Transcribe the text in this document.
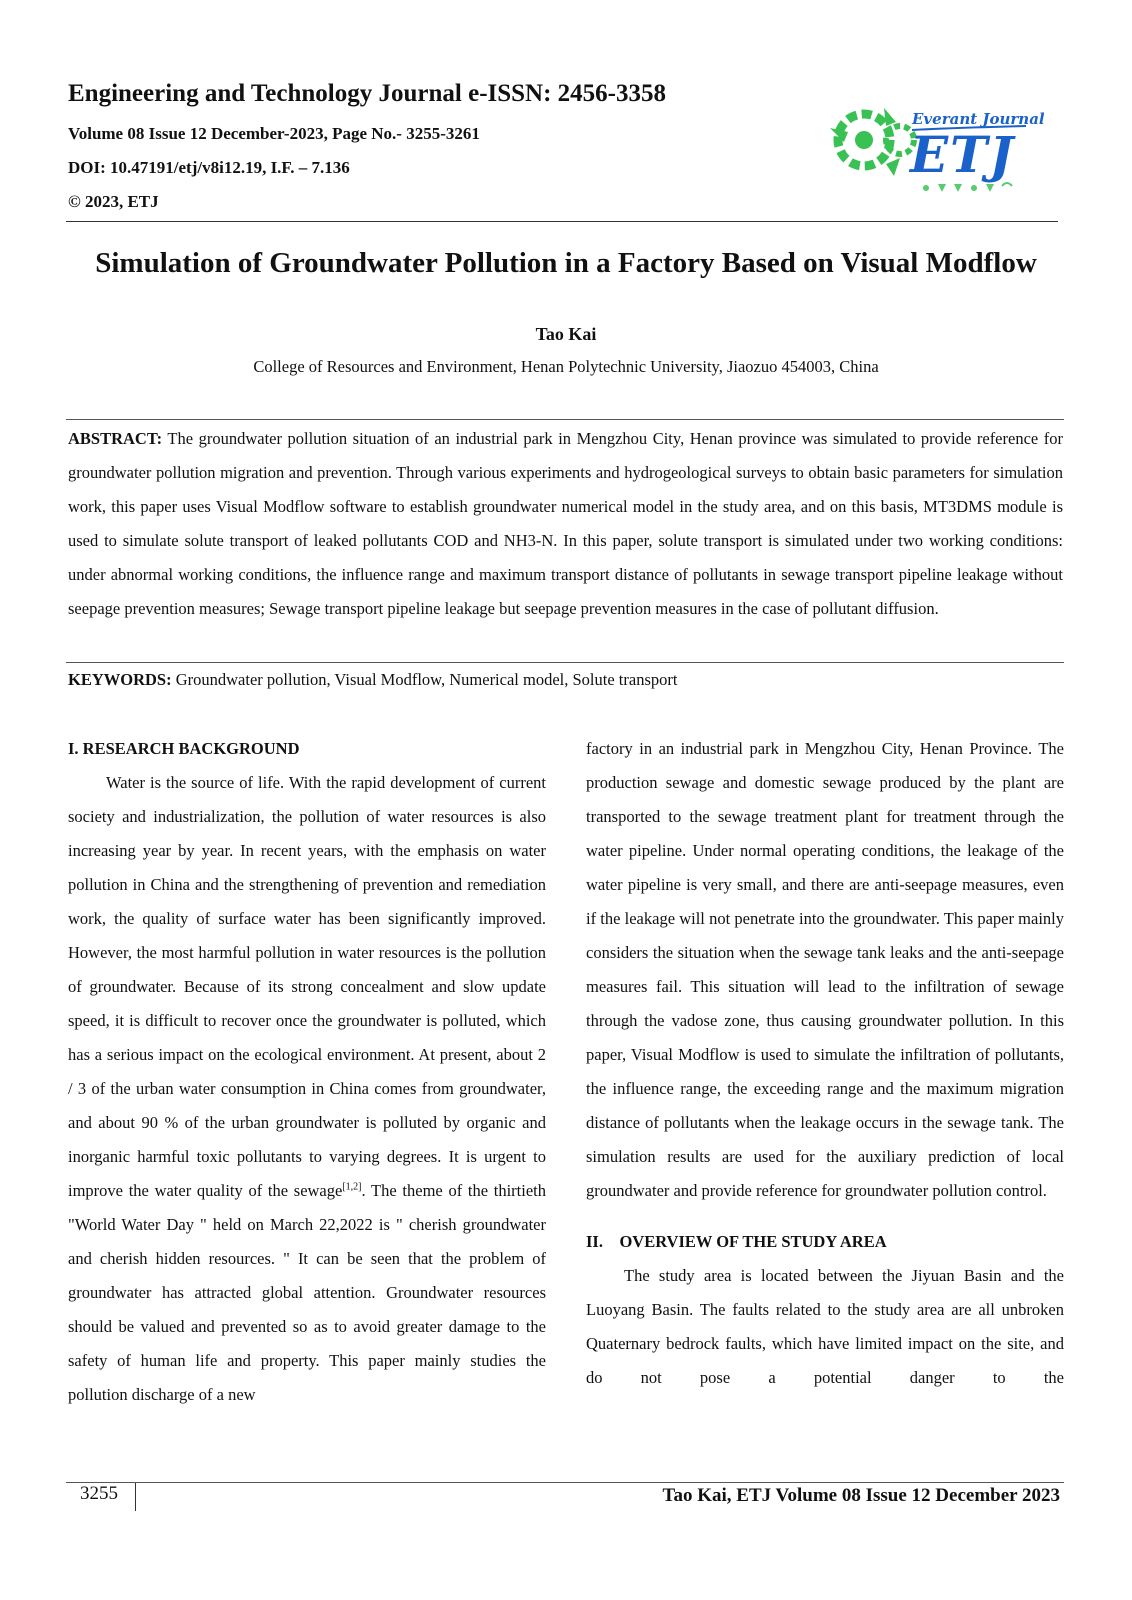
Engineering and Technology Journal e-ISSN: 2456-3358
Volume 08 Issue 12 December-2023, Page No.- 3255-3261
DOI: 10.47191/etj/v8i12.19, I.F. – 7.136
© 2023, ETJ
Everant Journal
ETJ
Simulation of Groundwater Pollution in a Factory Based on Visual Modflow
Tao Kai
College of Resources and Environment, Henan Polytechnic University, Jiaozuo 454003, China
ABSTRACT: The groundwater pollution situation of an industrial park in Mengzhou City, Henan province was simulated to provide reference for groundwater pollution migration and prevention. Through various experiments and hydrogeological surveys to obtain basic parameters for simulation work, this paper uses Visual Modflow software to establish groundwater numerical model in the study area, and on this basis, MT3DMS module is used to simulate solute transport of leaked pollutants COD and NH3-N. In this paper, solute transport is simulated under two working conditions: under abnormal working conditions, the influence range and maximum transport distance of pollutants in sewage transport pipeline leakage without seepage prevention measures; Sewage transport pipeline leakage but seepage prevention measures in the case of pollutant diffusion.
KEYWORDS: Groundwater pollution, Visual Modflow, Numerical model, Solute transport

I. RESEARCH BACKGROUND

Water is the source of life. With the rapid development of current society and industrialization, the pollution of water resources is also increasing year by year. In recent years, with the emphasis on water pollution in China and the strengthening of prevention and remediation work, the quality of surface water has been significantly improved. However, the most harmful pollution in water resources is the pollution of groundwater. Because of its strong concealment and slow update speed, it is difficult to recover once the groundwater is polluted, which has a serious impact on the ecological environment. At present, about 2 / 3 of the urban water consumption in China comes from groundwater, and about 90 % of the urban groundwater is polluted by organic and inorganic harmful toxic pollutants to varying degrees. It is urgent to improve the water quality of the sewage[1,2]. The theme of the thirtieth "World Water Day " held on March 22,2022 is " cherish groundwater and cherish hidden resources. " It can be seen that the problem of groundwater has attracted global attention. Groundwater resources should be valued and prevented so as to avoid greater damage to the safety of human life and property. This paper mainly studies the pollution discharge of a new

factory in an industrial park in Mengzhou City, Henan Province. The production sewage and domestic sewage produced by the plant are transported to the sewage treatment plant for treatment through the water pipeline. Under normal operating conditions, the leakage of the water pipeline is very small, and there are anti-seepage measures, even if the leakage will not penetrate into the groundwater. This paper mainly considers the situation when the sewage tank leaks and the anti-seepage measures fail. This situation will lead to the infiltration of sewage through the vadose zone, thus causing groundwater pollution. In this paper, Visual Modflow is used to simulate the infiltration of pollutants, the influence range, the exceeding range and the maximum migration distance of pollutants when the leakage occurs in the sewage tank. The simulation results are used for the auxiliary prediction of local groundwater and provide reference for groundwater pollution control.

II.    OVERVIEW OF THE STUDY AREA

The study area is located between the Jiyuan Basin and the Luoyang Basin. The faults related to the study area are all unbroken Quaternary bedrock faults, which have limited impact on the site, and do not pose a potential danger to the

3255	Tao Kai, ETJ Volume 08 Issue 12 December 2023
